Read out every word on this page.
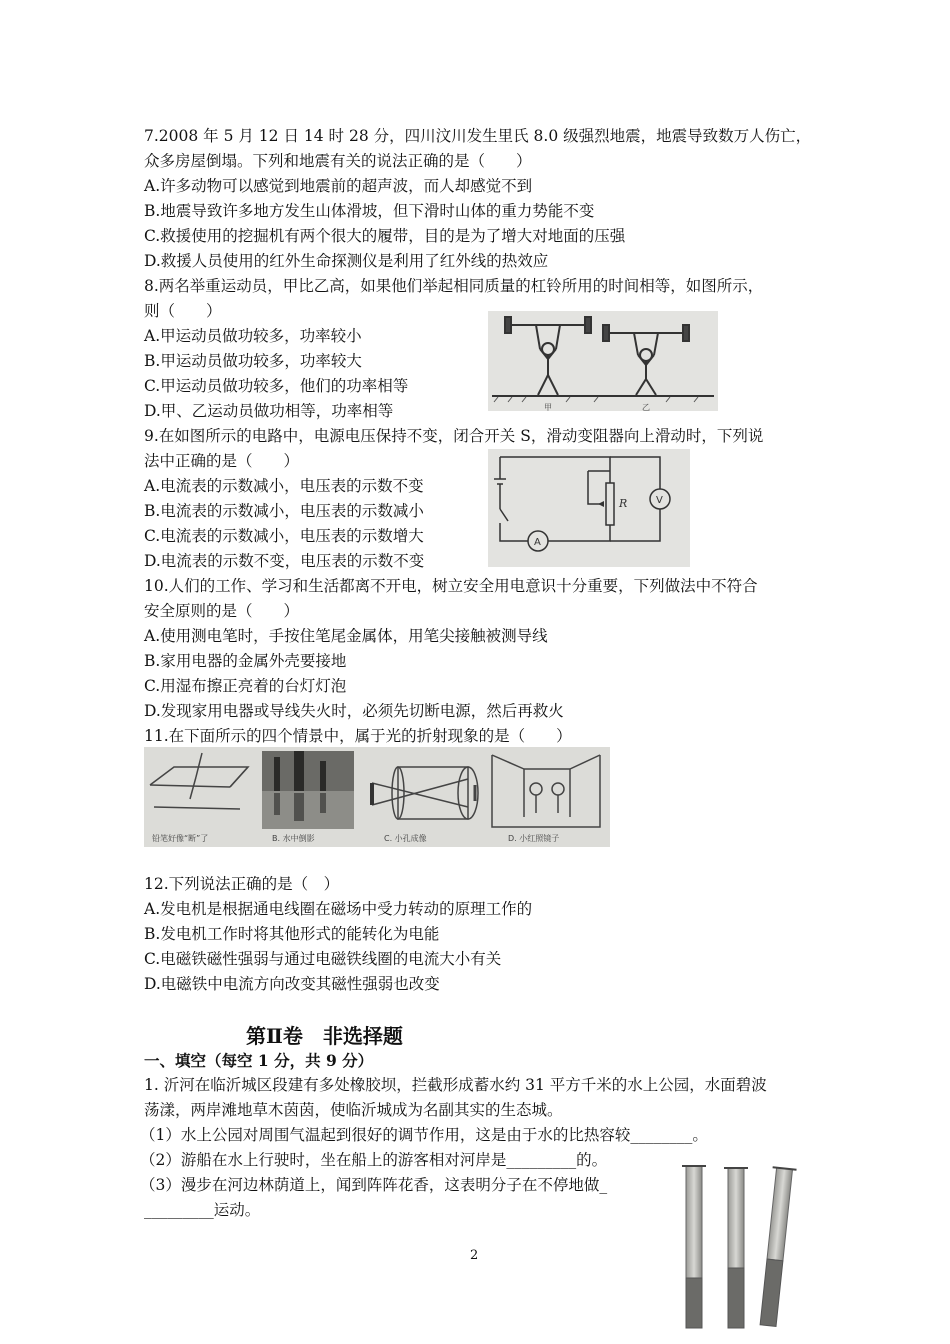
7.2008 年 5 月 12 日 14 时 28 分，四川汶川发生里氏 8.0 级强烈地震，地震导致数万人伤亡，
众多房屋倒塌。下列和地震有关的说法正确的是（　　）
A.许多动物可以感觉到地震前的超声波，而人却感觉不到
B.地震导致许多地方发生山体滑坡，但下滑时山体的重力势能不变
C.救援使用的挖掘机有两个很大的履带，目的是为了增大对地面的压强
D.救援人员使用的红外生命探测仪是利用了红外线的热效应
8.两名举重运动员，甲比乙高，如果他们举起相同质量的杠铃所用的时间相等，如图所示，
则（　　）
A.甲运动员做功较多，功率较小
B.甲运动员做功较多，功率较大
C.甲运动员做功较多，他们的功率相等
D.甲、乙运动员做功相等，功率相等	甲	乙
9.在如图所示的电路中，电源电压保持不变，闭合开关 S，滑动变阻器向上滑动时，下列说
法中正确的是（　　）
A.电流表的示数减小，电压表的示数不变
B.电流表的示数减小，电压表的示数减小
C.电流表的示数减小，电压表的示数增大
D.电流表的示数不变，电压表的示数不变
R	V
A
10.人们的工作、学习和生活都离不开电，树立安全用电意识十分重要，下列做法中不符合
安全原则的是（　　）
A.使用测电笔时，手按住笔尾金属体，用笔尖接触被测导线
B.家用电器的金属外壳要接地
C.用湿布擦正亮着的台灯灯泡
D.发现家用电器或导线失火时，必须先切断电源，然后再救火
11.在下面所示的四个情景中，属于光的折射现象的是（　　）
铅笔好像“断”了	B. 水中倒影	C. 小孔成像	D. 小红照镜子
12.下列说法正确的是（　）
A.发电机是根据通电线圈在磁场中受力转动的原理工作的
B.发电机工作时将其他形式的能转化为电能
C.电磁铁磁性强弱与通过电磁铁线圈的电流大小有关
D.电磁铁中电流方向改变其磁性强弱也改变
第Ⅱ卷　非选择题
一、填空（每空 1 分，共 9 分）
1. 沂河在临沂城区段建有多处橡胶坝，拦截形成蓄水约 31 平方千米的水上公园，水面碧波
荡漾，两岸滩地草木茵茵，使临沂城成为名副其实的生态城。
（1）水上公园对周围气温起到很好的调节作用，这是由于水的比热容较________。
（2）游船在水上行驶时，坐在船上的游客相对河岸是_________的。
（3）漫步在河边林荫道上，闻到阵阵花香，这表明分子在不停地做_
_________运动。
2
